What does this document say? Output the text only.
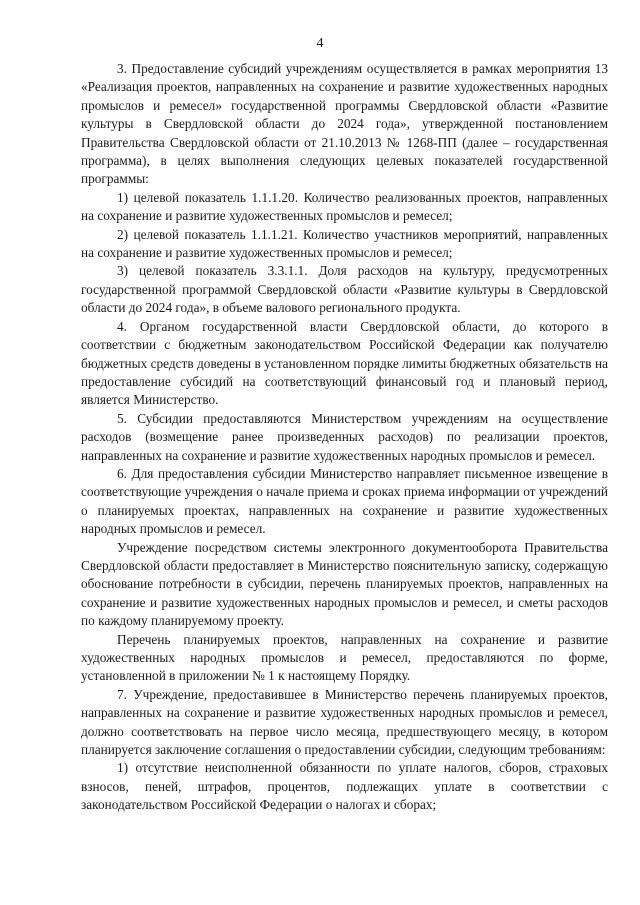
4

3. Предоставление субсидий учреждениям осуществляется в рамках мероприятия 13 «Реализация проектов, направленных на сохранение и развитие художественных народных промыслов и ремесел» государственной программы Свердловской области «Развитие культуры в Свердловской области до 2024 года», утвержденной постановлением Правительства Свердловской области от 21.10.2013 № 1268-ПП (далее – государственная программа), в целях выполнения следующих целевых показателей государственной программы:

1) целевой показатель 1.1.1.20. Количество реализованных проектов, направленных на сохранение и развитие художественных промыслов и ремесел;

2) целевой показатель 1.1.1.21. Количество участников мероприятий, направленных на сохранение и развитие художественных промыслов и ремесел;

3) целевой показатель 3.3.1.1. Доля расходов на культуру, предусмотренных государственной программой Свердловской области «Развитие культуры в Свердловской области до 2024 года», в объеме валового регионального продукта.

4. Органом государственной власти Свердловской области, до которого в соответствии с бюджетным законодательством Российской Федерации как получателю бюджетных средств доведены в установленном порядке лимиты бюджетных обязательств на предоставление субсидий на соответствующий финансовый год и плановый период, является Министерство.

5. Субсидии предоставляются Министерством учреждениям на осуществление расходов (возмещение ранее произведенных расходов) по реализации проектов, направленных на сохранение и развитие художественных народных промыслов и ремесел.

6. Для предоставления субсидии Министерство направляет письменное извещение в соответствующие учреждения о начале приема и сроках приема информации от учреждений о планируемых проектах, направленных на сохранение и развитие художественных народных промыслов и ремесел.

Учреждение посредством системы электронного документооборота Правительства Свердловской области предоставляет в Министерство пояснительную записку, содержащую обоснование потребности в субсидии, перечень планируемых проектов, направленных на сохранение и развитие художественных народных промыслов и ремесел, и сметы расходов по каждому планируемому проекту.

Перечень планируемых проектов, направленных на сохранение и развитие художественных народных промыслов и ремесел, предоставляются по форме, установленной в приложении № 1 к настоящему Порядку.

7. Учреждение, предоставившее в Министерство перечень планируемых проектов, направленных на сохранение и развитие художественных народных промыслов и ремесел, должно соответствовать на первое число месяца, предшествующего месяцу, в котором планируется заключение соглашения о предоставлении субсидии, следующим требованиям:

1) отсутствие неисполненной обязанности по уплате налогов, сборов, страховых взносов, пеней, штрафов, процентов, подлежащих уплате в соответствии с законодательством Российской Федерации о налогах и сборах;
